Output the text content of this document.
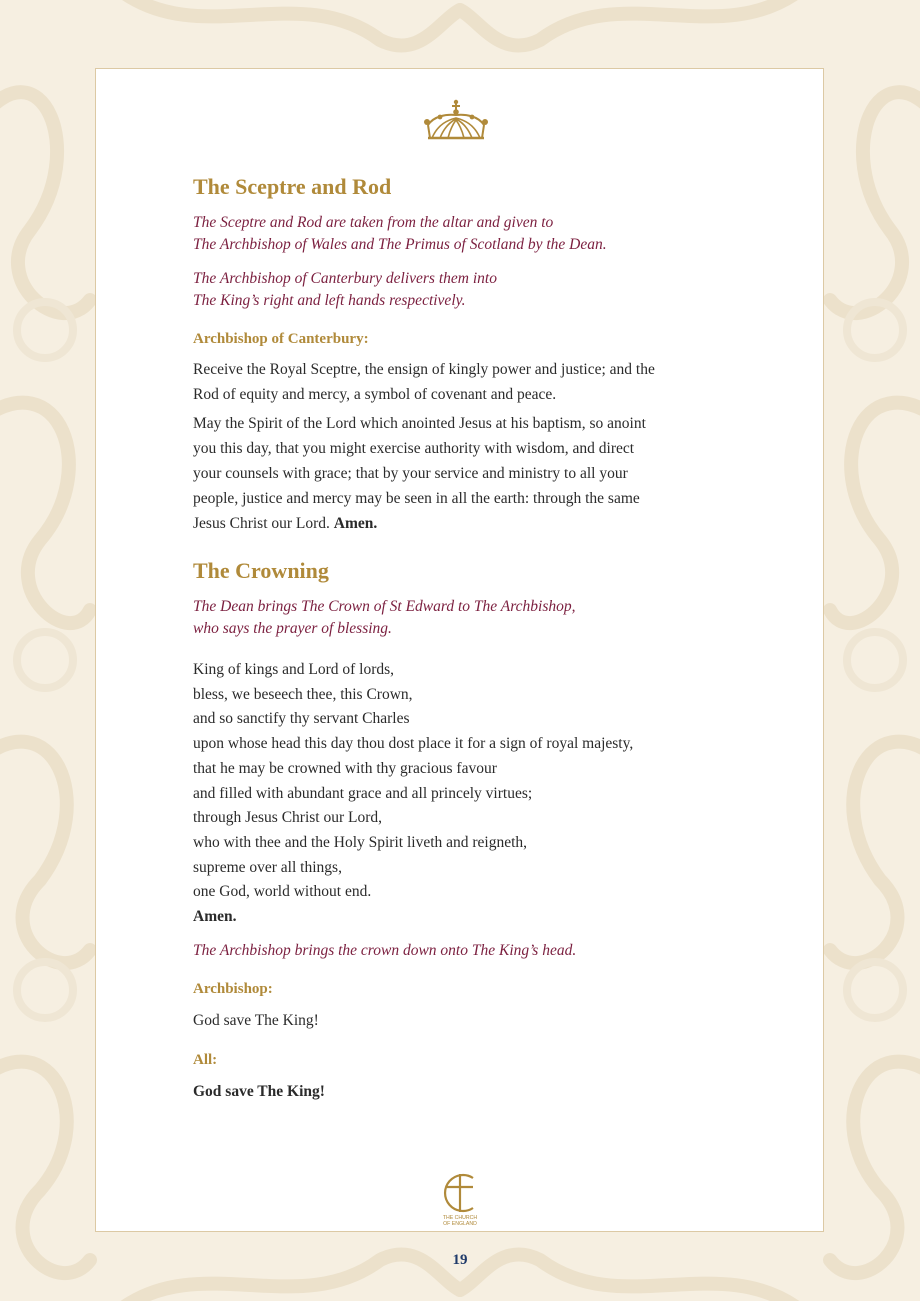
The Sceptre and Rod
The Sceptre and Rod are taken from the altar and given to
The Archbishop of Wales and The Primus of Scotland by the Dean.
The Archbishop of Canterbury delivers them into
The King’s right and left hands respectively.
Archbishop of Canterbury:
Receive the Royal Sceptre, the ensign of kingly power and justice; and the
Rod of equity and mercy, a symbol of covenant and peace.
May the Spirit of the Lord which anointed Jesus at his baptism, so anoint
you this day, that you might exercise authority with wisdom, and direct
your counsels with grace; that by your service and ministry to all your
people, justice and mercy may be seen in all the earth: through the same
Jesus Christ our Lord. Amen.
The Crowning
The Dean brings The Crown of St Edward to The Archbishop,
who says the prayer of blessing.
King of kings and Lord of lords,
bless, we beseech thee, this Crown,
and so sanctify thy servant Charles
upon whose head this day thou dost place it for a sign of royal majesty,
that he may be crowned with thy gracious favour
and filled with abundant grace and all princely virtues;
through Jesus Christ our Lord,
who with thee and the Holy Spirit liveth and reigneth,
supreme over all things,
one God, world without end.
Amen.
The Archbishop brings the crown down onto The King’s head.
Archbishop:
God save The King!
All:
God save The King!
THE CHURCH
OF ENGLAND
19
